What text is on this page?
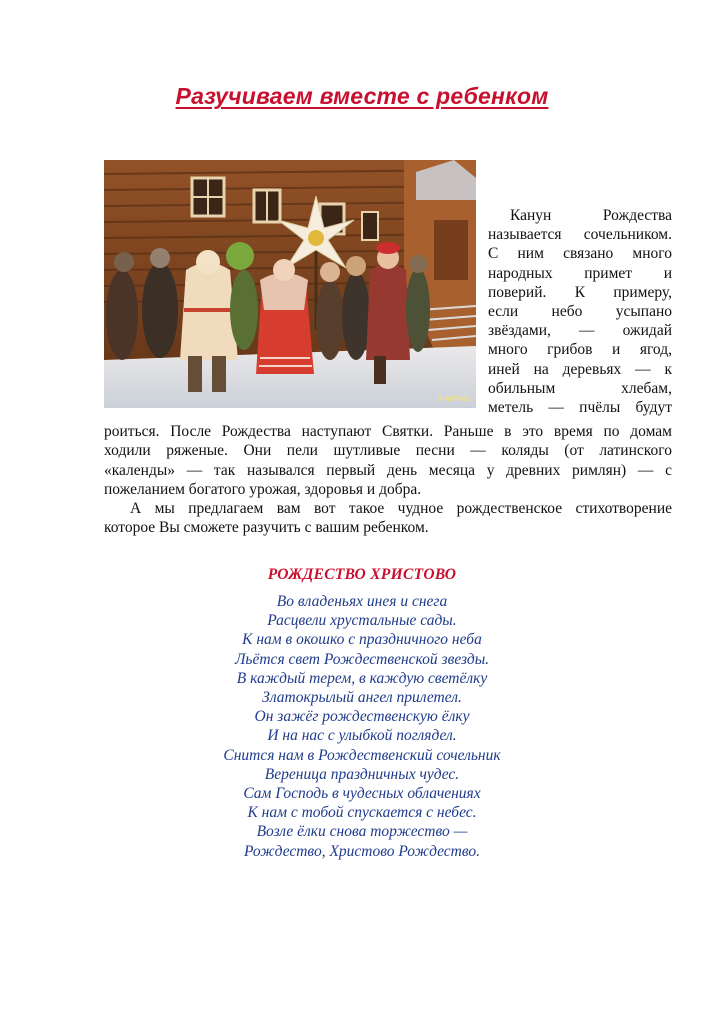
Разучиваем вместе с ребенком
© АРТ451
Канун Рождества
называется сочельником.
С ним связано много
народных примет и
поверий. К примеру,
если небо усыпано
звёздами, — ожидай
много грибов и ягод,
иней на деревьях — к
обильным хлебам,
метель — пчёлы будут

роиться. После Рождества наступают Святки. Раньше в это время по домам
ходили ряженые. Они пели шутливые песни — коляды (от латинского
«календы» — так назывался первый день месяца у древних римлян) — с
пожеланием богатого урожая, здоровья и добра.

А мы предлагаем вам вот такое чудное рождественское стихотворение
которое Вы сможете разучить с вашим ребенком.

РОЖДЕСТВО ХРИСТОВО
Во владеньях инея и снега
Расцвели хрустальные сады.
К нам в окошко с праздничного неба
Льётся свет Рождественской звезды.
В каждый терем, в каждую светёлку
Златокрылый ангел прилетел.
Он зажёг рождественскую ёлку
И на нас с улыбкой поглядел.
Снится нам в Рождественский сочельник
Вереница праздничных чудес.
Сам Господь в чудесных облачениях
К нам с тобой спускается с небес.
Возле ёлки снова торжество —
Рождество, Христово Рождество.
